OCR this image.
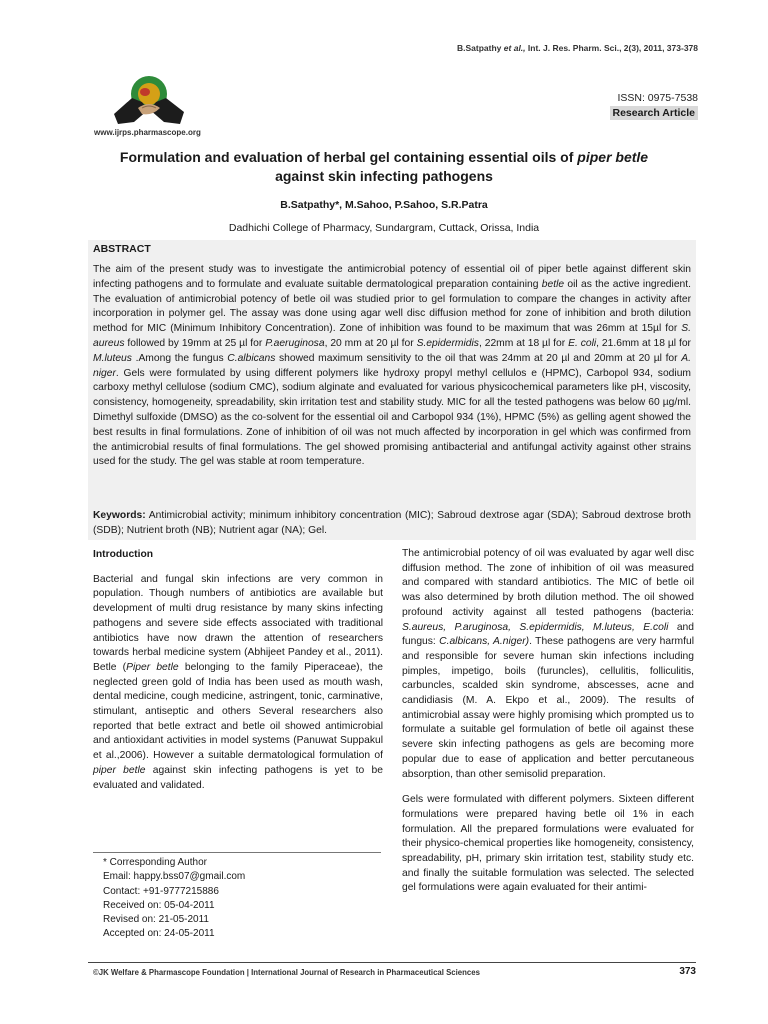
B.Satpathy et al., Int. J. Res. Pharm. Sci., 2(3), 2011, 373-378
www.ijrps.pharmascope.org
ISSN: 0975-7538
Research Article
Formulation and evaluation of herbal gel containing essential oils of piper betle
against skin infecting pathogens
B.Satpathy*, M.Sahoo, P.Sahoo, S.R.Patra
Dadhichi College of Pharmacy, Sundargram, Cuttack, Orissa, India
ABSTRACT
The aim of the present study was to investigate the antimicrobial potency of essential oil of piper betle against different skin infecting pathogens and to formulate and evaluate suitable dermatological preparation containing betle oil as the active ingredient. The evaluation of antimicrobial potency of betle oil was studied prior to gel formulation to compare the changes in activity after incorporation in polymer gel. The assay was done using agar well disc diffusion method for zone of inhibition and broth dilution method for MIC (Minimum Inhibitory Concentration). Zone of inhibition was found to be maximum that was 26mm at 15µl for S. aureus followed by 19mm at 25 µl for P.aeruginosa, 20 mm at 20 µl for S.epidermidis, 22mm at 18 µl for E. coli, 21.6mm at 18 µl for M.luteus .Among the fungus C.albicans showed maximum sensitivity to the oil that was 24mm at 20 µl and 20mm at 20 µl for A. niger. Gels were formulated by using different polymers like hydroxy propyl methyl cellulos e (HPMC), Carbopol 934, sodium carboxy methyl cellulose (sodium CMC), sodium alginate and evaluated for various physicochemical parameters like pH, viscosity, consistency, homogeneity, spreadability, skin irritation test and stability study. MIC for all the tested pathogens was below 60 µg/ml. Dimethyl sulfoxide (DMSO) as the co-solvent for the essential oil and Carbopol 934 (1%), HPMC (5%) as gelling agent showed the best results in final formulations. Zone of inhibition of oil was not much affected by incorporation in gel which was confirmed from the antimicrobial results of final formulations. The gel showed promising antibacterial and antifungal activity against other strains used for the study. The gel was stable at room temperature.
Keywords: Antimicrobial activity; minimum inhibitory concentration (MIC); Sabroud dextrose agar (SDA); Sabroud dextrose broth (SDB); Nutrient broth (NB); Nutrient agar (NA); Gel.
Introduction

Bacterial and fungal skin infections are very common in population. Though numbers of antibiotics are available but development of multi drug resistance by many skins infecting pathogens and severe side effects associated with traditional antibiotics have now drawn the attention of researchers towards herbal medicine system (Abhijeet Pandey et al., 2011). Betle (Piper betle belonging to the family Piperaceae), the neglected green gold of India has been used as mouth wash, dental medicine, cough medicine, astringent, tonic, carminative, stimulant, antiseptic and others Several researchers also reported that betle extract and betle oil showed antimicrobial and antioxidant activities in model systems (Panuwat Suppakul et al.,2006). However a suitable dermatological formulation of piper betle against skin infecting pathogens is yet to be evaluated and validated.

The antimicrobial potency of oil was evaluated by agar well disc diffusion method. The zone of inhibition of oil was measured and compared with standard antibiotics. The MIC of betle oil was also determined by broth dilution method. The oil showed profound activity against all tested pathogens (bacteria: S.aureus, P.aruginosa, S.epidermidis, M.luteus, E.coli and fungus: C.albicans, A.niger). These pathogens are very harmful and responsible for severe human skin infections including pimples, impetigo, boils (furuncles), cellulitis, folliculitis, carbuncles, scalded skin syndrome, abscesses, acne and candidiasis (M. A. Ekpo et al., 2009). The results of antimicrobial assay were highly promising which prompted us to formulate a suitable gel formulation of betle oil against these severe skin infecting pathogens as gels are becoming more popular due to ease of application and better percutaneous absorption, than other semisolid preparation.

Gels were formulated with different polymers. Sixteen different formulations were prepared having betle oil 1% in each formulation. All the prepared formulations were evaluated for their physico-chemical properties like homogeneity, consistency, spreadability, pH, primary skin irritation test, stability study etc. and finally the suitable formulation was selected. The selected gel formulations were again evaluated for their antimi-

* Corresponding Author
Email: happy.bss07@gmail.com
Contact: +91-9777215886
Received on: 05-04-2011
Revised on: 21-05-2011
Accepted on: 24-05-2011
©JK Welfare & Pharmascope Foundation | International Journal of Research in Pharmaceutical Sciences	373
